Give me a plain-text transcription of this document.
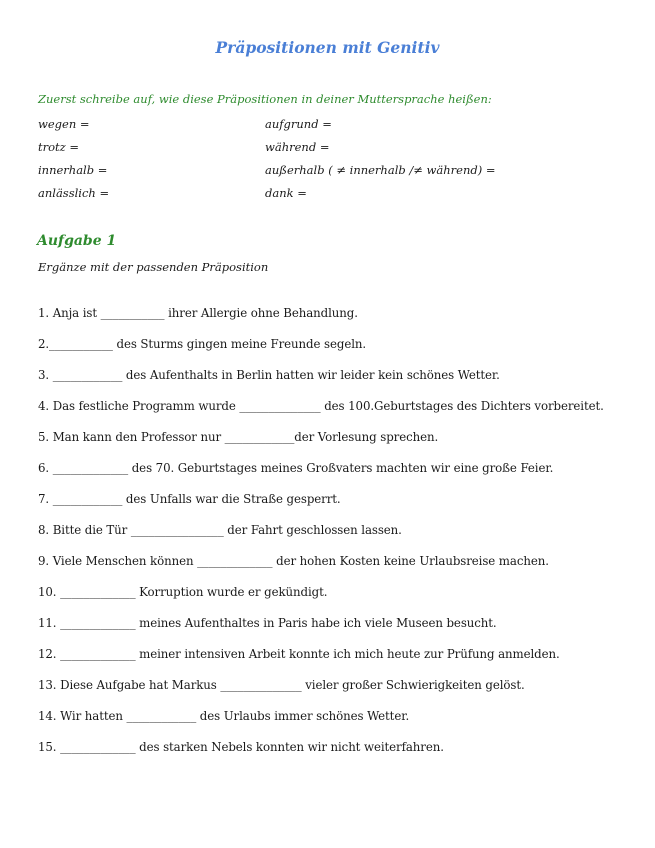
Präpositionen mit Genitiv
Zuerst schreibe auf, wie diese Präpositionen in deiner Muttersprache heißen:
wegen =
trotz =
innerhalb =
anlässlich =
aufgrund =
während =
außerhalb ( ≠ innerhalb /≠ während) =
dank =
Aufgabe 1
Ergänze mit der passenden Präposition
1. Anja ist ___________ ihrer Allergie ohne Behandlung.
2.___________ des Sturms gingen meine Freunde segeln.
3. ____________ des Aufenthalts in Berlin hatten wir leider kein schönes Wetter.
4. Das festliche Programm wurde ______________ des 100.Geburtstages des Dichters vorbereitet.
5. Man kann den Professor nur ____________der Vorlesung sprechen.
6. _____________ des 70. Geburtstages meines Großvaters machten wir eine große Feier.
7. ____________ des Unfalls war die Straße gesperrt.
8. Bitte die Tür ________________ der Fahrt geschlossen lassen.
9. Viele Menschen können _____________ der hohen Kosten keine Urlaubsreise machen.
10. _____________ Korruption wurde er gekündigt.
11. _____________ meines Aufenthaltes in Paris habe ich viele Museen besucht.
12. _____________ meiner intensiven Arbeit konnte ich mich heute zur Prüfung anmelden.
13. Diese Aufgabe hat Markus ______________ vieler großer Schwierigkeiten gelöst.
14. Wir hatten ____________ des Urlaubs immer schönes Wetter.
15. _____________ des starken Nebels konnten wir nicht weiterfahren.
